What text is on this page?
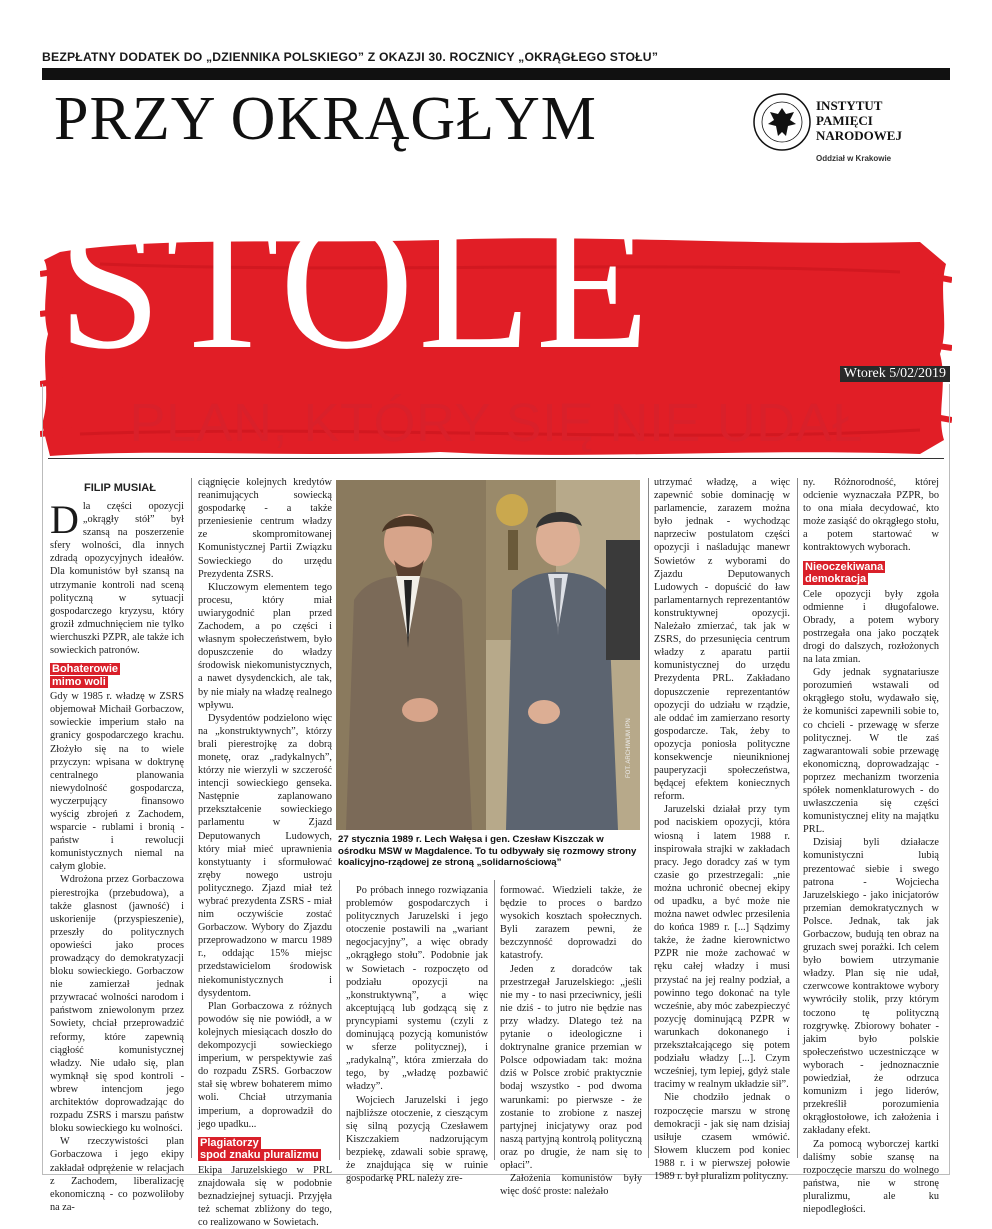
BEZPŁATNY DODATEK DO „DZIENNIKA POLSKIEGO” Z OKAZJI 30. ROCZNICY „OKRĄGŁEGO STOŁU”
PRZY OKRĄGŁYM
STOLE
INSTYTUT
PAMIĘCI
NARODOWEJ
Oddział w Krakowie
Wtorek 5/02/2019
PLAN, KTÓRY SIĘ NIE UDAŁ
FILIP MUSIAŁ

Dla części opozycji „okrągły stół” był szansą na poszerzenie sfery wolności, dla innych zdradą opozycyjnych ideałów. Dla komunistów był szansą na utrzymanie kontroli nad sceną polityczną w sytuacji gospodarczego kryzysu, który groził zdmuchnięciem nie tylko wierchuszki PZPR, ale także ich sowieckich patronów.

Bohaterowie
mimo woli

Gdy w 1985 r. władzę w ZSRS objemował Michaił Gorbaczow, sowieckie imperium stało na granicy gospodarczego krachu. Złożyło się na to wiele przyczyn: wpisana w doktrynę centralnego planowania niewydolność gospodarcza, wyczerpujący finansowo wyścig zbrojeń z Zachodem, wsparcie - rublami i bronią - państw i rewolucji komunistycznych niemal na całym globie.

Wdrożona przez Gorbaczowa pierestrojka (przebudowa), a także glasnost (jawność) i uskorienije (przyspieszenie), przeszły do politycznych opowieści jako proces prowadzący do demokratyzacji bloku sowieckiego. Gorbaczow nie zamierzał jednak przywracać wolności narodom i państwom zniewolonym przez Sowiety, chciał przeprowadzić reformy, które zapewnią ciągłość komunistycznej władzy. Nie udało się, plan wymknął się spod kontroli - wbrew intencjom jego architektów doprowadzając do rozpadu ZSRS i marszu państw bloku sowieckiego ku wolności.

W rzeczywistości plan Gorbaczowa i jego ekipy zakładał odprężenie w relacjach z Zachodem, liberalizację ekonomiczną - co pozwoliłoby na za-

ciągnięcie kolejnych kredytów reanimujących sowiecką gospodarkę - a także przeniesienie centrum władzy ze skompromitowanej Komunistycznej Partii Związku Sowieckiego do urzędu Prezydenta ZSRS.

Kluczowym elementem tego procesu, który miał uwiarygodnić plan przed Zachodem, a po części i własnym społeczeństwem, było dopuszczenie do władzy środowisk niekomunistycznych, a nawet dysydenckich, ale tak, by nie miały na władzę realnego wpływu.

Dysydentów podzielono więc na „konstruktywnych”, którzy brali pierestrojkę za dobrą monetę, oraz „radykalnych”, którzy nie wierzyli w szczerość intencji sowieckiego genseka. Następnie zaplanowano przekształcenie sowieckiego parlamentu w Zjazd Deputowanych Ludowych, który miał mieć uprawnienia konstytuanty i sformułować zręby nowego ustroju politycznego. Zjazd miał też wybrać prezydenta ZSRS - miał nim oczywiście zostać Gorbaczow. Wybory do Zjazdu przeprowadzono w marcu 1989 r., oddając 15% miejsc przedstawicielom środowisk niekomunistycznych i dysydentom.

Plan Gorbaczowa z różnych powodów się nie powiódł, a w kolejnych miesiącach doszło do dekompozycji sowieckiego imperium, w perspektywie zaś do rozpadu ZSRS. Gorbaczow stał się wbrew bohaterem mimo woli. Chciał utrzymania imperium, a doprowadził do jego upadku...

Plagiatorzy
spod znaku pluralizmu

Ekipa Jaruzelskiego w PRL znajdowała się w podobnie beznadziejnej sytuacji. Przyjęła też schemat zbliżony do tego, co realizowano w Sowietach.

FOT. ARCHIWUM IPN
27 stycznia 1989 r. Lech Wałęsa i gen. Czesław Kiszczak w ośrodku MSW w Magdalence. To tu odbywały się rozmowy strony koalicyjno-rządowej ze stroną „solidarnościową”

Po próbach innego rozwiązania problemów gospodarczych i politycznych Jaruzelski i jego otoczenie postawili na „wariant negocjacyjny”, a więc obrady „okrągłego stołu”. Podobnie jak w Sowietach - rozpoczęto od podziału opozycji na „konstruktywną”, a więc akceptującą lub godzącą się z pryncypiami systemu (czyli z dominującą pozycją komunistów w sferze politycznej), i „radykalną”, która zmierzała do tego, by „władzę pozbawić władzy”.

Wojciech Jaruzelski i jego najbliższe otoczenie, z cieszącym się silną pozycją Czesławem Kiszczakiem nadzorującym bezpiekę, zdawali sobie sprawę, że znajdująca się w ruinie gospodarkę PRL należy zre-

formować. Wiedzieli także, że będzie to proces o bardzo wysokich kosztach społecznych. Byli zarazem pewni, że bezczynność doprowadzi do katastrofy.

Jeden z doradców tak przestrzegał Jaruzelskiego: „jeśli nie my - to nasi przeciwnicy, jeśli nie dziś - to jutro nie będzie nas przy władzy. Dlatego też na pytanie o ideologiczne i doktrynalne granice przemian w Polsce odpowiadam tak: można dziś w Polsce zrobić praktycznie bodaj wszystko - pod dwoma warunkami: po pierwsze - że zostanie to zrobione z naszej partyjnej inicjatywy oraz pod naszą partyjną kontrolą polityczną oraz po drugie, że nam się to opłaci”.

Założenia komunistów były więc dość proste: należało

utrzymać władzę, a więc zapewnić sobie dominację w parlamencie, zarazem można było jednak - wychodząc naprzeciw postulatom części opozycji i naśladując manewr Sowietów z wyborami do Zjazdu Deputowanych Ludowych - dopuścić do ław parlamentarnych reprezentantów konstruktywnej opozycji. Należało zmierzać, tak jak w ZSRS, do przesunięcia centrum władzy z aparatu partii komunistycznej do urzędu Prezydenta PRL. Zakładano dopuszczenie reprezentantów opozycji do udziału w rządzie, ale oddać im zamierzano resorty gospodarcze. Tak, żeby to opozycja poniosła polityczne konsekwencje nieuniknionej pauperyzacji społeczeństwa, będącej efektem koniecznych reform.

Jaruzelski działał przy tym pod naciskiem opozycji, która wiosną i latem 1988 r. inspirowała strajki w zakładach pracy. Jego doradcy zaś w tym czasie go przestrzegali: „nie można uchronić obecnej ekipy od upadku, a być może nie można nawet odwlec przesilenia do końca 1989 r. [...] Sądzimy także, że żadne kierownictwo PZPR nie może zachować w ręku całej władzy i musi przystać na jej realny podział, a powinno tego dokonać na tyle wcześnie, aby móc zabezpieczyć pozycję dominującą PZPR w warunkach dokonanego i przekształcającego się potem podziału władzy [...]. Czym wcześniej, tym lepiej, gdyż stale tracimy w realnym układzie sił”.

Nie chodziło jednak o rozpoczęcie marszu w stronę demokracji - jak się nam dzisiaj usiłuje czasem wmówić. Słowem kluczem pod koniec 1988 r. i w pierwszej połowie 1989 r. był pluralizm polityczny.

ny. Różnorodność, której odcienie wyznaczała PZPR, bo to ona miała decydować, kto może zasiąść do okrągłego stołu, a potem startować w kontraktowych wyborach.

Nieoczekiwana
demokracja

Cele opozycji były zgoła odmienne i długofalowe. Obrady, a potem wybory postrzegała ona jako początek drogi do dalszych, rozłożonych na lata zmian.

Gdy jednak sygnatariusze porozumień wstawali od okrągłego stołu, wydawało się, że komuniści zapewnili sobie to, co chcieli - przewagę w sferze politycznej. W tle zaś zagwarantowali sobie przewagę ekonomiczną, doprowadzając - poprzez mechanizm tworzenia spółek nomenklaturowych - do uwłaszczenia się części komunistycznej elity na majątku PRL.

Dzisiaj byli działacze komunistyczni lubią prezentować siebie i swego patrona - Wojciecha Jaruzelskiego - jako inicjatorów przemian demokratycznych w Polsce. Jednak, tak jak Gorbaczow, budują ten obraz na gruzach swej porażki. Ich celem było bowiem utrzymanie władzy. Plan się nie udał, czerwcowe kontraktowe wybory wywróciły stolik, przy którym toczono tę polityczną rozgrywkę. Zbiorowy bohater - jakim było polskie społeczeństwo uczestniczące w wyborach - jednoznacznie powiedział, że odrzuca komunizm i jego liderów, przekreślił porozumienia okrągłostołowe, ich założenia i zakładany efekt.

Za pomocą wyborczej kartki daliśmy sobie szansę na rozpoczęcie marszu do wolnego państwa, nie w stronę pluralizmu, ale ku niepodległości.
